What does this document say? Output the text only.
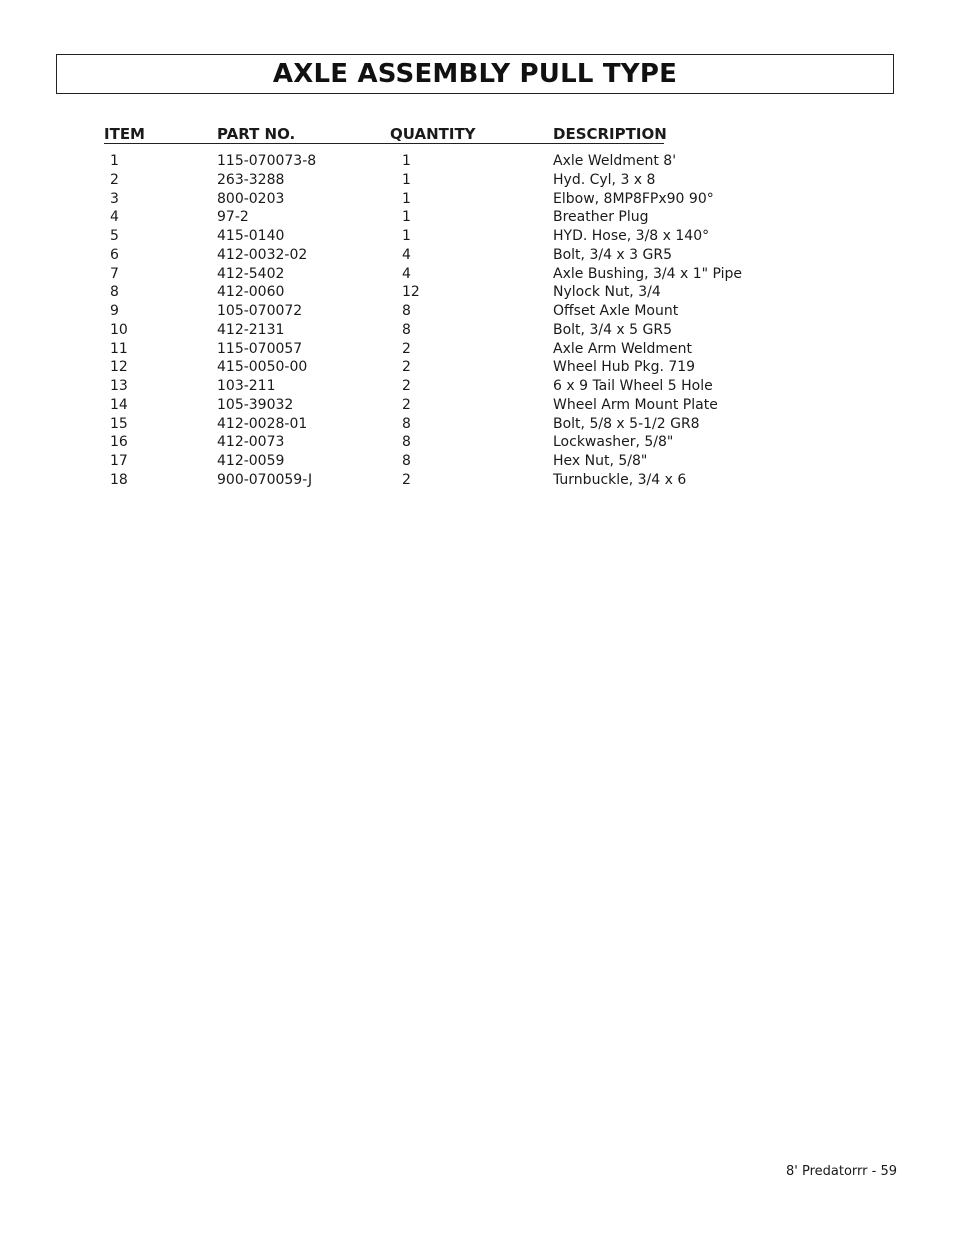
AXLE ASSEMBLY PULL TYPE
ITEM	PART NO.	QUANTITY	DESCRIPTION
1	115-070073-8	1	Axle Weldment 8'
2	263-3288	1	Hyd. Cyl, 3 x 8
3	800-0203	1	Elbow, 8MP8FPx90 90°
4	97-2	1	Breather Plug
5	415-0140	1	HYD. Hose, 3/8 x 140°
6	412-0032-02	4	Bolt, 3/4 x 3 GR5
7	412-5402	4	Axle Bushing, 3/4 x 1" Pipe
8	412-0060	12	Nylock Nut, 3/4
9	105-070072	8	Offset Axle Mount
10	412-2131	8	Bolt, 3/4 x 5 GR5
11	115-070057	2	Axle Arm Weldment
12	415-0050-00	2	Wheel Hub Pkg. 719
13	103-211	2	6 x 9 Tail Wheel 5 Hole
14	105-39032	2	Wheel Arm Mount Plate
15	412-0028-01	8	Bolt, 5/8 x 5-1/2 GR8
16	412-0073	8	Lockwasher, 5/8"
17	412-0059	8	Hex Nut, 5/8"
18	900-070059-J	2	Turnbuckle, 3/4 x 6
8' Predatorrr - 59
